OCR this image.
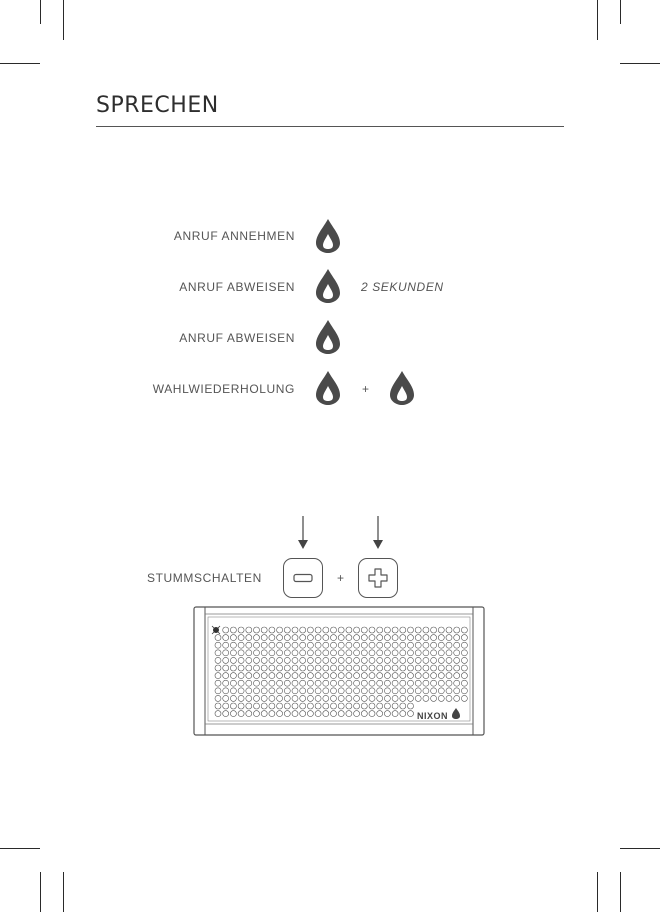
SPRECHEN
ANRUF ANNEHMEN
ANRUF ABWEISEN	2 SEKUNDEN
ANRUF ABWEISEN
WAHLWIEDERHOLUNG	+
STUMMSCHALTEN	+
NIXON
